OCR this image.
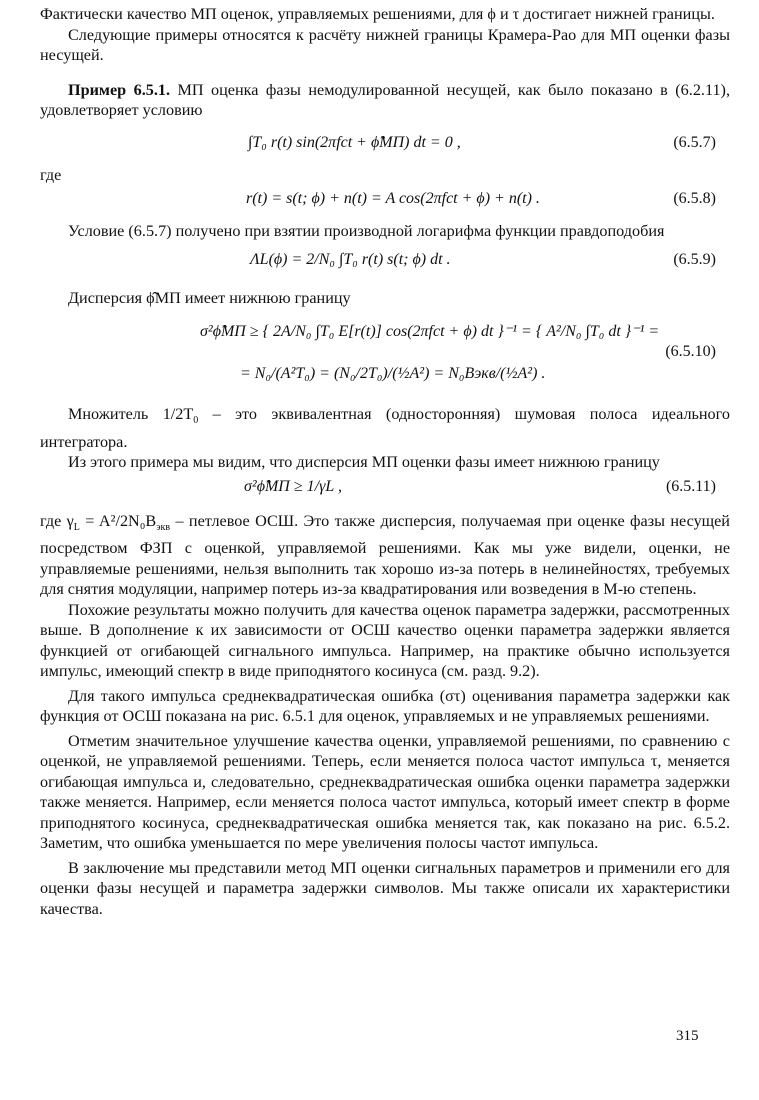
Фактически качество МП оценок, управляемых решениями, для ϕ и τ достигает нижней границы.

Следующие примеры относятся к расчёту нижней границы Крамера-Рао для МП оценки фазы несущей.

Пример 6.5.1. МП оценка фазы немодулированной несущей, как было показано в (6.2.11), удовлетворяет условию

∫T₀ r(t) sin(2πfct + ϕ̂МП) dt = 0 ,	(6.5.7)

где

r(t) = s(t; ϕ) + n(t) = A cos(2πfct + ϕ) + n(t) .	(6.5.8)

Условие (6.5.7) получено при взятии производной логарифма функции правдоподобия

ΛL(ϕ) = 2/N₀ ∫T₀ r(t) s(t; ϕ) dt .	(6.5.9)

Дисперсия ϕ̂МП имеет нижнюю границу

σ²ϕ̂МП ≥ { 2A/N₀ ∫T₀ E[r(t)] cos(2πfct + ϕ) dt }⁻¹ = { A²/N₀ ∫T₀ dt }⁻¹ =
= N₀/(A²T₀) = (N₀/2T₀)/(½A²) = N₀Bэкв/(½A²) .
(6.5.10)

Множитель $1/2T_0$ – это эквивалентная (односторонняя) шумовая полоса идеального интегратора.

Из этого примера мы видим, что дисперсия МП оценки фазы имеет нижнюю границу

σ²ϕ̂МП ≥ 1/γL ,	(6.5.11)

где $\gamma_L = A^2/2N_0B_{экв}$ – петлевое ОСШ. Это также дисперсия, получаемая при оценке фазы несущей посредством ФЗП с оценкой, управляемой решениями. Как мы уже видели, оценки, не управляемые решениями, нельзя выполнить так хорошо из-за потерь в нелинейностях, требуемых для снятия модуляции, например потерь из-за квадратирования или возведения в M-ю степень.

Похожие результаты можно получить для качества оценок параметра задержки, рассмотренных выше. В дополнение к их зависимости от ОСШ качество оценки параметра задержки является функцией от огибающей сигнального импульса. Например, на практике обычно используется импульс, имеющий спектр в виде приподнятого косинуса (см. разд. 9.2).

Для такого импульса среднеквадратическая ошибка (στ) оценивания параметра задержки как функция от ОСШ показана на рис. 6.5.1 для оценок, управляемых и не управляемых решениями.

Отметим значительное улучшение качества оценки, управляемой решениями, по сравнению с оценкой, не управляемой решениями. Теперь, если меняется полоса частот импульса τ, меняется огибающая импульса и, следовательно, среднеквадратическая ошибка оценки параметра задержки также меняется. Например, если меняется полоса частот импульса, который имеет спектр в форме приподнятого косинуса, среднеквадратическая ошибка меняется так, как показано на рис. 6.5.2. Заметим, что ошибка уменьшается по мере увеличения полосы частот импульса.

В заключение мы представили метод МП оценки сигнальных параметров и применили его для оценки фазы несущей и параметра задержки символов. Мы также описали их характеристики качества.

315
